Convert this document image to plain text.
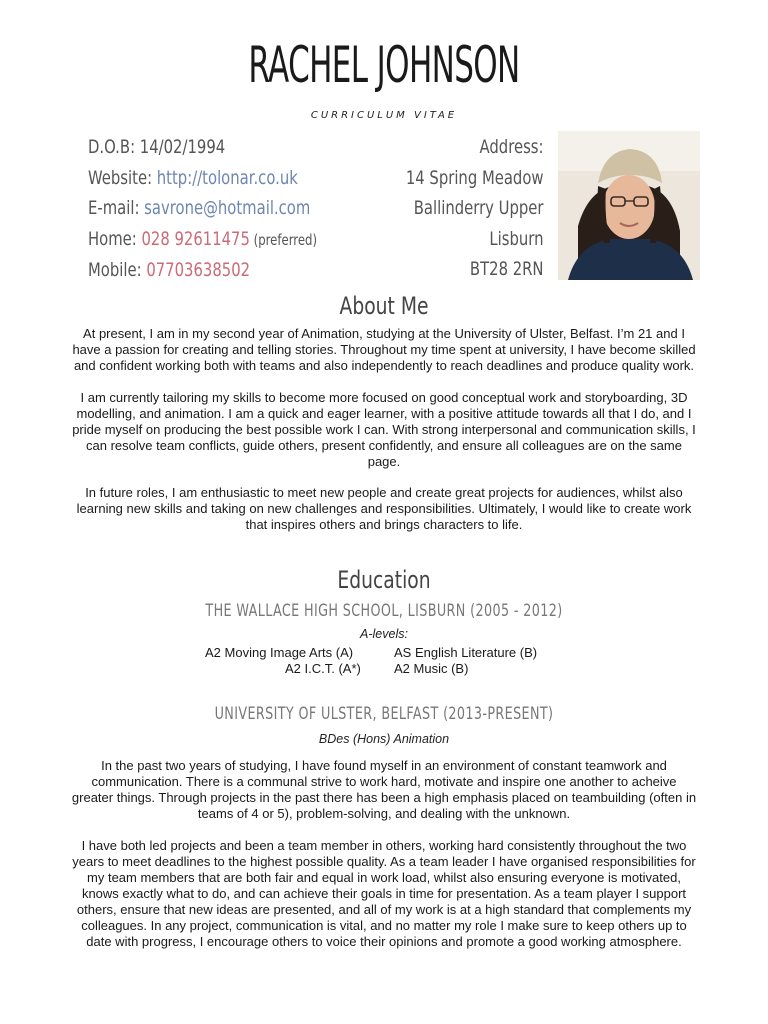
RACHEL JOHNSON
CURRICULUM VITAE
D.O.B: 14/02/1994
Website: http://tolonar.co.uk
E-mail: savrone@hotmail.com
Home: 028 92611475 (preferred)
Mobile: 07703638502
Address:
14 Spring Meadow
Ballinderry Upper
Lisburn
BT28 2RN
About Me

At present, I am in my second year of Animation, studying at the University of Ulster, Belfast. I’m 21 and I have a passion for creating and telling stories. Throughout my time spent at university, I have become skilled and confident working both with teams and also independently to reach deadlines and produce quality work.

I am currently tailoring my skills to become more focused on good conceptual work and storyboarding, 3D modelling, and animation. I am a quick and eager learner, with a positive attitude towards all that I do, and I pride myself on producing the best possible work I can. With strong interpersonal and communication skills, I can resolve team conflicts, guide others, present confidently, and ensure all colleagues are on the same page.

In future roles, I am enthusiastic to meet new people and create great projects for audiences, whilst also learning new skills and taking on new challenges and responsibilities. Ultimately, I would like to create work that inspires others and brings characters to life.

Education
THE WALLACE HIGH SCHOOL, LISBURN (2005 - 2012)
A-levels:
A2 Moving Image Arts (A)
A2 I.C.T. (A*)
AS English Literature (B)
A2 Music (B)
UNIVERSITY OF ULSTER, BELFAST (2013-PRESENT)
BDes (Hons) Animation

In the past two years of studying, I have found myself in an environment of constant teamwork and communication. There is a communal strive to work hard, motivate and inspire one another to acheive greater things. Through projects in the past there has been a high emphasis placed on teambuilding (often in teams of 4 or 5), problem-solving, and dealing with the unknown.

I have both led projects and been a team member in others, working hard consistently throughout the two years to meet deadlines to the highest possible quality. As a team leader I have organised responsibilities for my team members that are both fair and equal in work load, whilst also ensuring everyone is motivated, knows exactly what to do, and can achieve their goals in time for presentation. As a team player I support others, ensure that new ideas are presented, and all of my work is at a high standard that complements my colleagues. In any project, communication is vital, and no matter my role I make sure to keep others up to date with progress, I encourage others to voice their opinions and promote a good working atmosphere.
